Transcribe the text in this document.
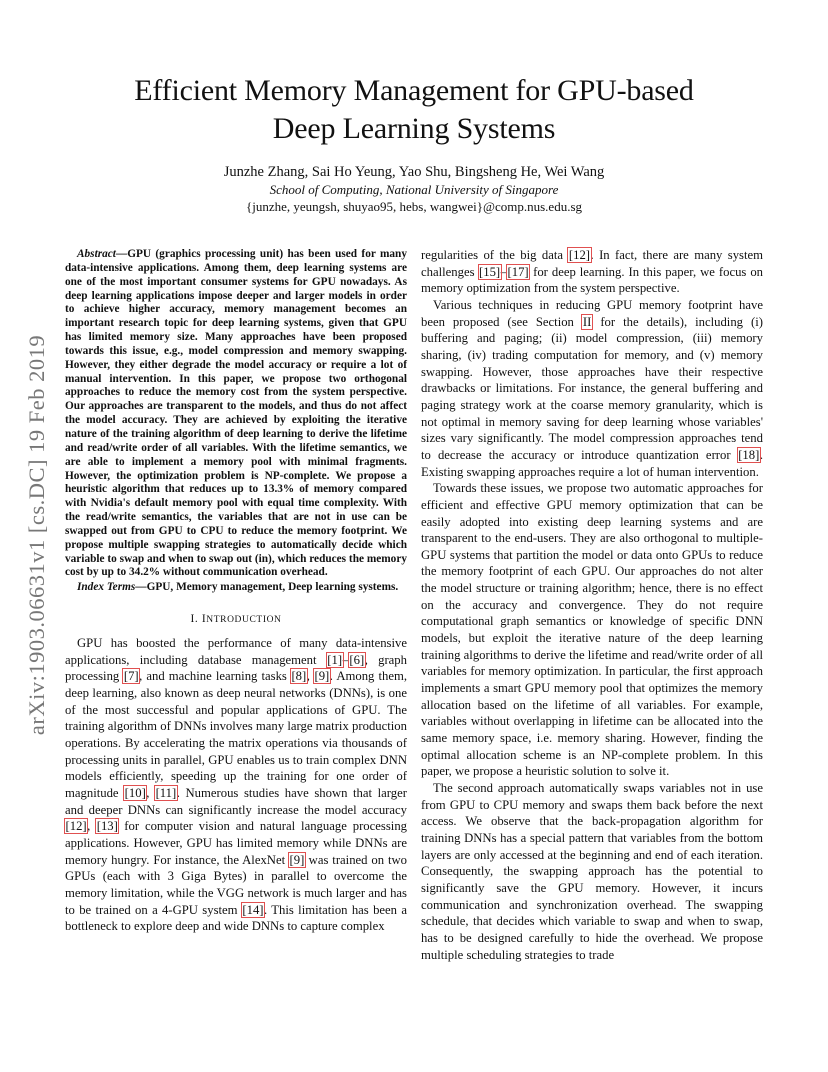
Efficient Memory Management for GPU-based
Deep Learning Systems
Junzhe Zhang, Sai Ho Yeung, Yao Shu, Bingsheng He, Wei Wang
School of Computing, National University of Singapore
{junzhe, yeungsh, shuyao95, hebs, wangwei}@comp.nus.edu.sg
arXiv:1903.06631v1 [cs.DC] 19 Feb 2019

Abstract—GPU (graphics processing unit) has been used for many data-intensive applications. Among them, deep learning systems are one of the most important consumer systems for GPU nowadays. As deep learning applications impose deeper and larger models in order to achieve higher accuracy, memory management becomes an important research topic for deep learning systems, given that GPU has limited memory size. Many approaches have been proposed towards this issue, e.g., model compression and memory swapping. However, they either degrade the model accuracy or require a lot of manual intervention. In this paper, we propose two orthogonal approaches to reduce the memory cost from the system perspective. Our approaches are transparent to the models, and thus do not affect the model accuracy. They are achieved by exploiting the iterative nature of the training algorithm of deep learning to derive the lifetime and read/write order of all variables. With the lifetime semantics, we are able to implement a memory pool with minimal fragments. However, the optimization problem is NP-complete. We propose a heuristic algorithm that reduces up to 13.3% of memory compared with Nvidia's default memory pool with equal time complexity. With the read/write semantics, the variables that are not in use can be swapped out from GPU to CPU to reduce the memory footprint. We propose multiple swapping strategies to automatically decide which variable to swap and when to swap out (in), which reduces the memory cost by up to 34.2% without communication overhead.

Index Terms—GPU, Memory management, Deep learning systems.

I. INTRODUCTION

GPU has boosted the performance of many data-intensive applications, including database management [1]–[6], graph processing [7], and machine learning tasks [8], [9]. Among them, deep learning, also known as deep neural networks (DNNs), is one of the most successful and popular applications of GPU. The training algorithm of DNNs involves many large matrix production operations. By accelerating the matrix operations via thousands of processing units in parallel, GPU enables us to train complex DNN models efficiently, speeding up the training for one order of magnitude [10], [11]. Numerous studies have shown that larger and deeper DNNs can significantly increase the model accuracy [12], [13] for computer vision and natural language processing applications. However, GPU has limited memory while DNNs are memory hungry. For instance, the AlexNet [9] was trained on two GPUs (each with 3 Giga Bytes) in parallel to overcome the memory limitation, while the VGG network is much larger and has to be trained on a 4-GPU system [14]. This limitation has been a bottleneck to explore deep and wide DNNs to capture complex

regularities of the big data [12]. In fact, there are many system challenges [15]–[17] for deep learning. In this paper, we focus on memory optimization from the system perspective.

Various techniques in reducing GPU memory footprint have been proposed (see Section II for the details), including (i) buffering and paging; (ii) model compression, (iii) memory sharing, (iv) trading computation for memory, and (v) memory swapping. However, those approaches have their respective drawbacks or limitations. For instance, the general buffering and paging strategy work at the coarse memory granularity, which is not optimal in memory saving for deep learning whose variables' sizes vary significantly. The model compression approaches tend to decrease the accuracy or introduce quantization error [18]. Existing swapping approaches require a lot of human intervention.

Towards these issues, we propose two automatic approaches for efficient and effective GPU memory optimization that can be easily adopted into existing deep learning systems and are transparent to the end-users. They are also orthogonal to multiple-GPU systems that partition the model or data onto GPUs to reduce the memory footprint of each GPU. Our approaches do not alter the model structure or training algorithm; hence, there is no effect on the accuracy and convergence. They do not require computational graph semantics or knowledge of specific DNN models, but exploit the iterative nature of the deep learning training algorithms to derive the lifetime and read/write order of all variables for memory optimization. In particular, the first approach implements a smart GPU memory pool that optimizes the memory allocation based on the lifetime of all variables. For example, variables without overlapping in lifetime can be allocated into the same memory space, i.e. memory sharing. However, finding the optimal allocation scheme is an NP-complete problem. In this paper, we propose a heuristic solution to solve it.

The second approach automatically swaps variables not in use from GPU to CPU memory and swaps them back before the next access. We observe that the back-propagation algorithm for training DNNs has a special pattern that variables from the bottom layers are only accessed at the beginning and end of each iteration. Consequently, the swapping approach has the potential to significantly save the GPU memory. However, it incurs communication and synchronization overhead. The swapping schedule, that decides which variable to swap and when to swap, has to be designed carefully to hide the overhead. We propose multiple scheduling strategies to trade
